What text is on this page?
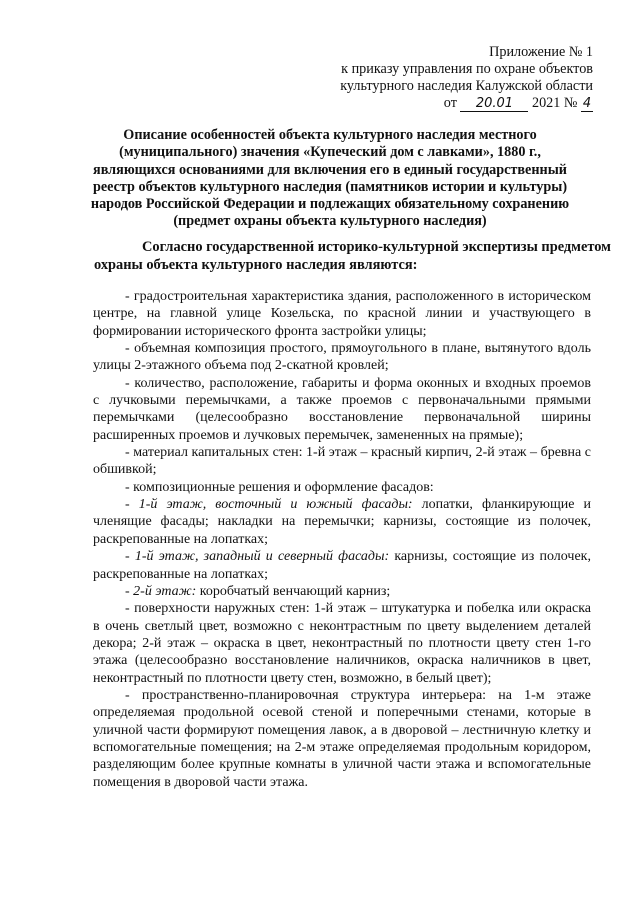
Приложение № 1
к приказу управления по охране объектов
культурного наследия Калужской области
от 20.01 2021 № 4
Описание особенностей объекта культурного наследия местного
(муниципального) значения «Купеческий дом с лавками», 1880 г.,
являющихся основаниями для включения его в единый государственный
реестр объектов культурного наследия (памятников истории и культуры)
народов Российской Федерации и подлежащих обязательному сохранению
(предмет охраны объекта культурного наследия)
Согласно государственной историко-культурной экспертизы предметом
охраны объекта культурного наследия являются:
- градостроительная характеристика здания, расположенного в историческом
центре, на главной улице Козельска, по красной линии и участвующего в
формировании исторического фронта застройки улицы;
- объемная композиция простого, прямоугольного в плане, вытянутого вдоль
улицы 2-этажного объема под 2-скатной кровлей;
- количество, расположение, габариты и форма оконных и входных проемов
с лучковыми перемычками, а также проемов с первоначальными прямыми
перемычками (целесообразно восстановление первоначальной ширины
расширенных проемов и лучковых перемычек, замененных на прямые);
- материал капитальных стен: 1-й этаж – красный кирпич, 2-й этаж – бревна с
обшивкой;
- композиционные решения и оформление фасадов:
- 1-й этаж, восточный и южный фасады: лопатки, фланкирующие и
членящие фасады; накладки на перемычки; карнизы, состоящие из полочек,
раскрепованные на лопатках;
- 1-й этаж, западный и северный фасады: карнизы, состоящие из полочек,
раскрепованные на лопатках;
- 2-й этаж: коробчатый венчающий карниз;
- поверхности наружных стен: 1-й этаж – штукатурка и побелка или окраска
в очень светлый цвет, возможно с неконтрастным по цвету выделением деталей
декора; 2-й этаж – окраска в цвет, неконтрастный по плотности цвету стен 1-го
этажа (целесообразно восстановление наличников, окраска наличников в цвет,
неконтрастный по плотности цвету стен, возможно, в белый цвет);
- пространственно-планировочная структура интерьера: на 1-м этаже
определяемая продольной осевой стеной и поперечными стенами, которые в
уличной части формируют помещения лавок, а в дворовой – лестничную клетку и
вспомогательные помещения; на 2-м этаже определяемая продольным коридором,
разделяющим более крупные комнаты в уличной части этажа и вспомогательные
помещения в дворовой части этажа.
